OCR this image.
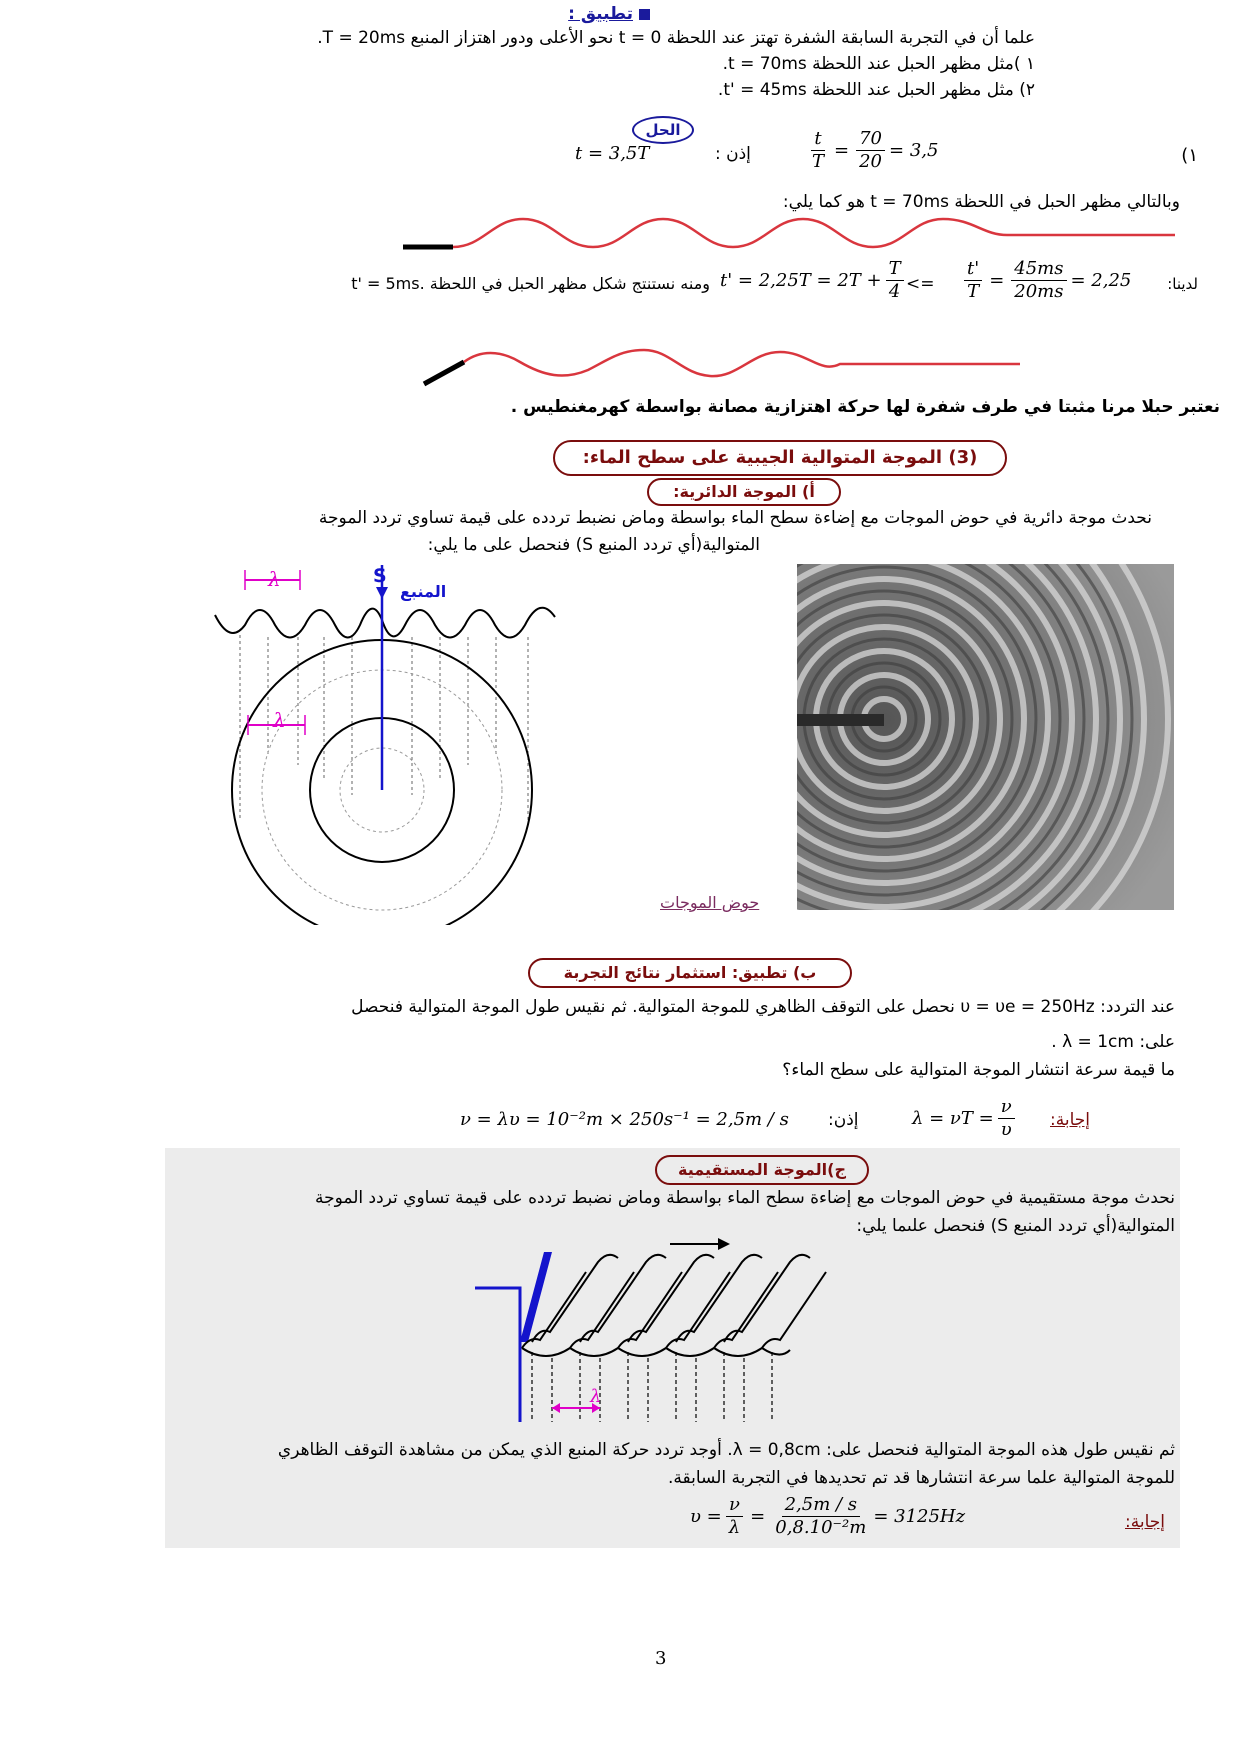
تطبيق :
علما أن في التجربة السابقة الشفرة تهتز عند اللحظة 0 = t نحو الأعلى ودور اهتزاز المنبع T = 20ms.
١ )مثل مظهر الحبل عند اللحظة t = 70ms.
٢) مثل مظهر الحبل عند اللحظة t' = 45ms.
الحل
١)
$\frac{t}{T} = \frac{70}{20} = 3,5$
إذن :
t = 3,5T
وبالتالي مظهر الحبل في اللحظة t = 70ms هو كما يلي:
لدينا:
$\frac{t'}{T} = \frac{45ms}{20ms} = 2,25$
<=
$t' = 2,25T = 2T + \frac{T}{4}$
ومنه نستنتج شكل مظهر الحبل في اللحظة .t' = 5ms
نعتبر حبلا مرنا مثبتا في طرف شفرة لها حركة اهتزازية مصانة بواسطة كهرمغنطيس .
(3) الموجة المتوالية الجيبية على سطح الماء:
أ) الموجة الدائرية:
نحدث موجة دائرية في حوض الموجات مع إضاءة سطح الماء بواسطة وماض نضبط تردده على قيمة تساوي تردد الموجة
المتوالية(أي تردد المنبع S) فنحصل على ما يلي:
λ
λ
S
المنبع
حوض الموجات
ب) تطبيق: استثمار نتائج التجربة
عند التردد: υ = υe = 250Hz نحصل على التوقف الظاهري للموجة المتوالية. ثم نقيس طول الموجة المتوالية فنحصل
على: λ = 1cm .
ما قيمة سرعة انتشار الموجة المتوالية على سطح الماء؟
إجابة:
$\lambda = \nu T = \frac{\nu}{\upsilon}$
إذن:
ν = λυ = 10⁻²m × 250s⁻¹ = 2,5m / s
ج)الموجة المستقيمية
نحدث موجة مستقيمية في حوض الموجات مع إضاءة سطح الماء بواسطة وماض نضبط تردده على قيمة تساوي تردد الموجة
المتوالية(أي تردد المنبع S) فنحصل علىما يلي:
λ
ثم نقيس طول هذه الموجة المتوالية فنحصل على: λ = 0,8cm. أوجد تردد حركة المنبع الذي يمكن من مشاهدة التوقف الظاهري
للموجة المتوالية علما سرعة انتشارها قد تم تحديدها في التجربة السابقة.
إجابة:
$\upsilon = \frac{\nu}{\lambda} = \frac{2,5m / s}{\text{0,8.10⁻²m}} = 3125Hz$
3
